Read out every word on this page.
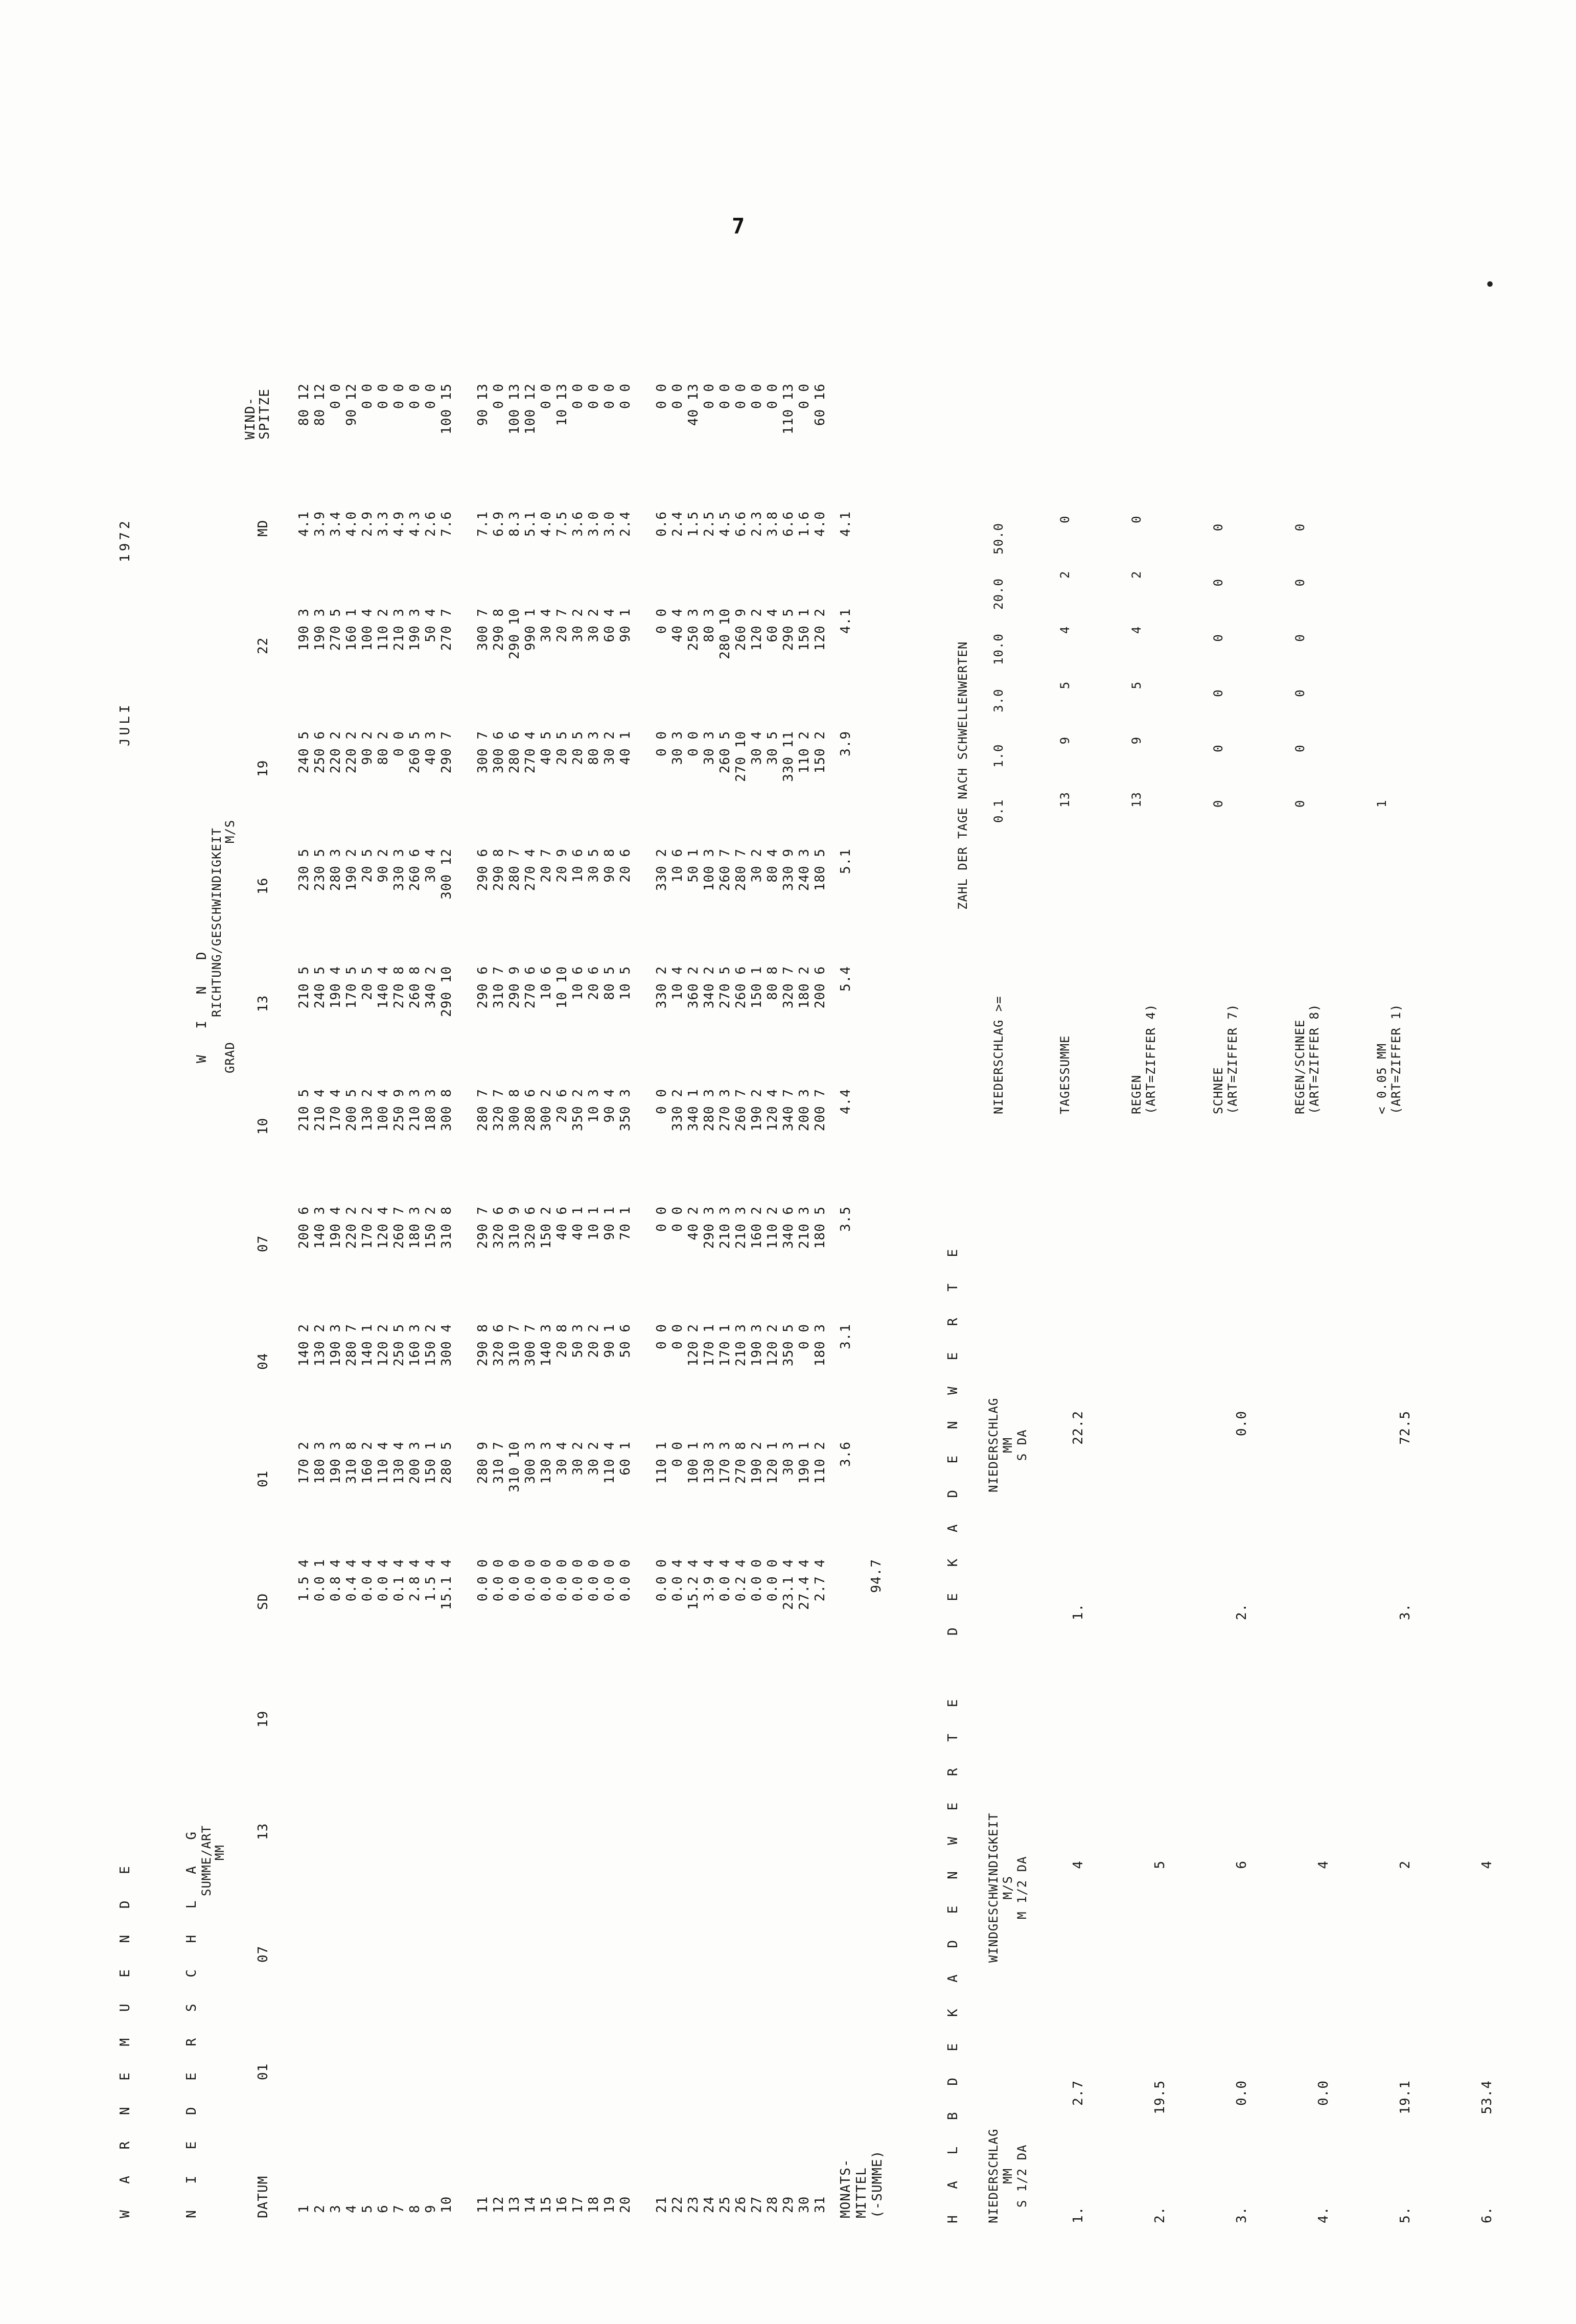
7
•
W A R N E M U E N D E
JULI
1972
N I E D E R S C H L A G SUMME/ART
MM
W I N D RICHTUNG/GESCHWINDIGKEIT
GRAD
M/S
DATUM
01
07
13
19
SD
01
04
07
10
13
16
19
22
MD
WIND-
SPITZE
1
2
3
4
5
6
7
8
9
10
1.5 4
0.0 1
0.8 4
0.4 4
0.0 4
0.0 4
0.1 4
2.8 4
1.5 4
15.1 4
170 2
180 3
190 3
310 8
160 2
110 4
130 4
200 3
150 1
280 5
140 2
130 2
190 3
280 7
140 1
120 2
250 5
160 3
150 2
300 4
200 6
140 3
190 4
220 2
170 2
120 4
260 7
180 3
150 2
310 8
210 5
210 4
170 4
200 5
130 2
100 4
250 9
210 3
180 3
300 8
210 5
240 5
190 4
170 5
20 5
140 4
270 8
260 8
340 2
290 10
230 5
230 5
280 3
190 2
20 5
90 2
330 3
260 6
30 4
300 12
240 5
250 6
220 2
220 2
90 2
80 2
0 0
260 5
40 3
290 7
190 3
190 3
270 5
160 1
100 4
110 2
210 3
190 3
50 4
270 7
4.1
3.9
3.4
4.0
2.9
3.3
4.9
4.3
2.6
7.6
80 12
80 12
0 0
90 12
0 0
0 0
0 0
0 0
0 0
100 15
11
12
13
14
15
16
17
18
19
20
0.0 0
0.0 0
0.0 0
0.0 0
0.0 0
0.0 0
0.0 0
0.0 0
0.0 0
0.0 0
280 9
310 7
310 10
300 3
130 3
30 4
30 2
30 2
110 4
60 1
290 8
320 6
310 7
300 7
140 3
20 8
50 3
20 2
90 1
50 6
290 7
320 6
310 9
320 6
150 2
40 6
40 1
10 1
90 1
70 1
280 7
320 7
300 8
280 6
300 2
20 6
350 2
10 3
90 4
350 3
290 6
310 7
290 9
270 6
10 6
10 10
10 6
20 6
80 5
10 5
290 6
290 8
280 7
270 4
20 7
20 9
10 6
30 5
90 8
20 6
300 7
300 6
280 6
270 4
40 5
20 5
20 5
80 3
30 2
40 1
300 7
290 8
290 10
990 1
30 4
20 7
30 2
30 2
60 4
90 1
7.1
6.9
8.3
5.1
4.0
7.5
3.6
3.0
3.0
2.4
90 13
0 0
100 13
100 12
0 0
10 13
0 0
0 0
0 0
0 0
21
22
23
24
25
26
27
28
29
30
31
0.0 0
0.0 4
15.2 4
3.9 4
0.0 4
0.2 4
0.0 0
0.0 0
23.1 4
27.4 4
2.7 4
110 1
0 0
100 1
130 3
170 3
270 8
190 2
120 1
30 3
190 1
110 2
0 0
0 0
120 2
170 1
170 1
210 3
190 3
120 2
350 5
0 0
180 3
0 0
0 0
40 2
290 3
210 3
210 3
160 2
110 2
340 6
210 3
180 5
0 0
330 2
340 1
280 3
270 3
260 7
190 2
120 4
340 7
200 3
200 7
330 2
10 4
360 2
340 2
270 5
260 6
150 1
80 8
320 7
180 2
200 6
330 2
10 6
50 1
100 3
260 7
280 7
30 2
80 4
330 9
240 3
180 5
0 0
30 3
0 0
30 3
260 5
270 10
30 4
30 5
330 11
110 2
150 2
0 0
40 4
250 3
80 3
280 10
260 9
120 2
60 4
290 5
150 1
120 2
0.6
2.4
1.5
2.5
4.5
6.6
2.3
3.8
6.6
1.6
4.0
0 0
0 0
40 13
0 0
0 0
0 0
0 0
0 0
110 13
0 0
60 16
MONATS-
MITTEL
(-SUMME)
94.7
3.6
3.1
3.5
4.4
5.4
5.1
3.9
4.1
4.1
H A L B D E K A D E N W E R T E NIEDERSCHLAG
MM
S 1/2 DA
WINDGESCHWINDIGKEIT
M/S
M 1/2 DA
1.

2.

3.

4.

5.

6.
2.7

19.5

0.0

0.0

19.1

53.4
4

5

6

4

2

4
D E K A D E N W E R T E NIEDERSCHLAG
MM
S DA
1.

2.

3.
22.2

0.0

72.5
ZAHL DER TAGE NACH SCHWELLENWERTEN
NIEDERSCHLAG >=
0.1    1.0    3.0   10.0   20.0   50.0
TAGESSUMME
13      9      5      4      2      0
REGEN
(ART=ZIFFER 4)
13      9      5      4      2      0
SCHNEE
(ART=ZIFFER 7)
0      0      0      0      0      0
REGEN/SCHNEE
(ART=ZIFFER 8)
0      0      0      0      0      0
< 0.05 MM
(ART=ZIFFER 1)
1
